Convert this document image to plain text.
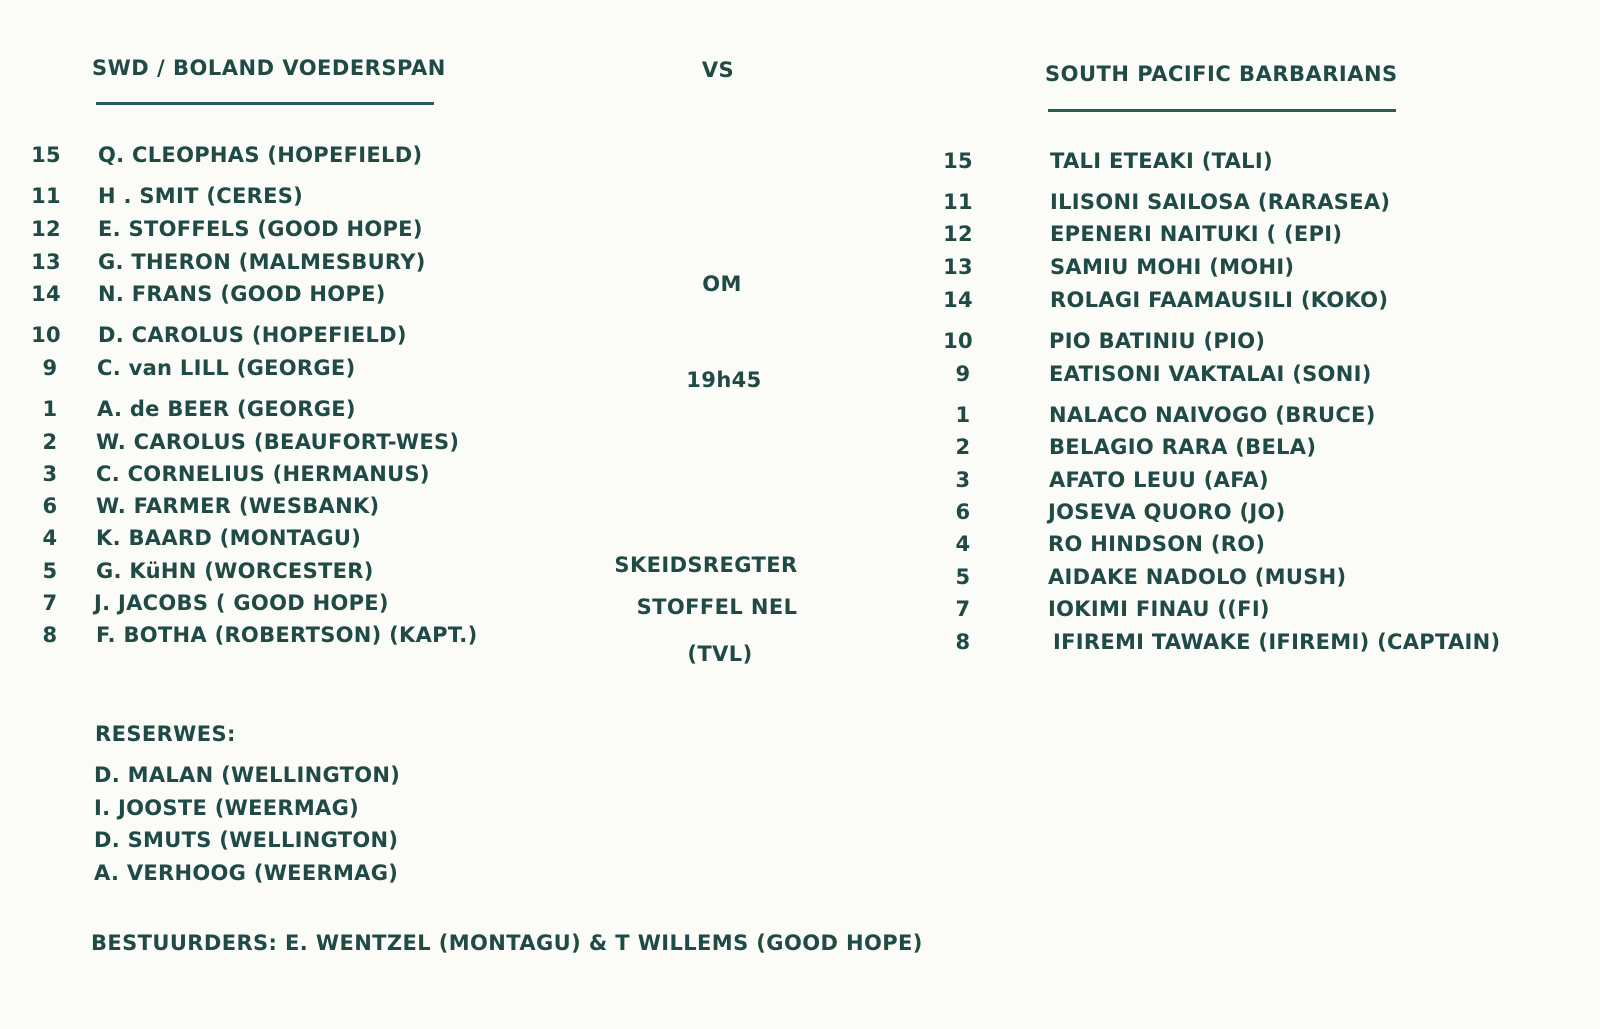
SWD / BOLAND VOEDERSPAN	VS	SOUTH PACIFIC BARBARIANS
15 Q. CLEOPHAS (HOPEFIELD)
11 H . SMIT (CERES)
12 E. STOFFELS (GOOD HOPE)
13 G. THERON (MALMESBURY)
14 N. FRANS (GOOD HOPE)
10 D. CAROLUS (HOPEFIELD)
9	C. van LILL (GEORGE)
1	A. de BEER (GEORGE)
2	W. CAROLUS (BEAUFORT-WES)
3	C. CORNELIUS (HERMANUS)
6	W. FARMER (WESBANK)
4	K. BAARD (MONTAGU)
5	G. KüHN (WORCESTER)
7	J. JACOBS ( GOOD HOPE)
8	F. BOTHA (ROBERTSON) (KAPT.)
OM
19h45
SKEIDSREGTER
STOFFEL NEL
(TVL)
15	TALI ETEAKI (TALI)
11	ILISONI SAILOSA (RARASEA)
12	EPENERI NAITUKI ( (EPI)
13	SAMIU MOHI (MOHI)
14	ROLAGI FAAMAUSILI (KOKO)
10	PIO BATINIU (PIO)
9	EATISONI VAKTALAI (SONI)
1	NALACO NAIVOGO (BRUCE)
2	BELAGIO RARA (BELA)
3	AFATO LEUU (AFA)
6	JOSEVA QUORO (JO)
4	RO HINDSON (RO)
5	AIDAKE NADOLO (MUSH)
7	IOKIMI FINAU ((FI)
8	IFIREMI TAWAKE (IFIREMI) (CAPTAIN)
RESERWES:
D. MALAN (WELLINGTON)
I. JOOSTE (WEERMAG)
D. SMUTS (WELLINGTON)
A. VERHOOG (WEERMAG)
BESTUURDERS: E. WENTZEL (MONTAGU) & T WILLEMS (GOOD HOPE)
